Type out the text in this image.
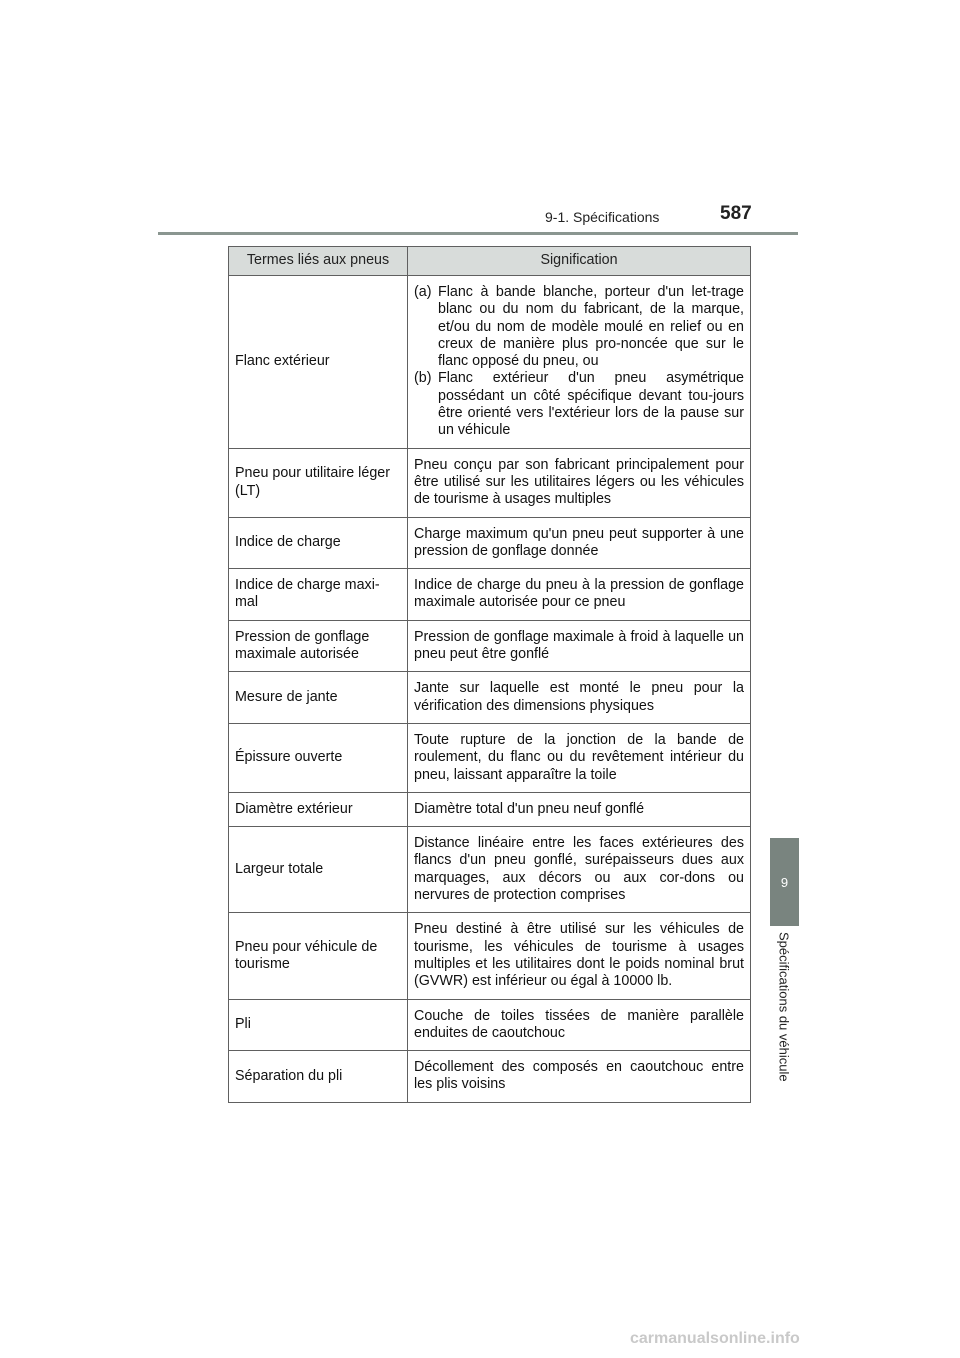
9-1. Spécifications	587
9
Spécifications du véhicule
Termes liés aux pneus	Signification
Flanc extérieur	(a) Flanc à bande blanche, porteur d'un let-trage blanc ou du nom du fabricant, de la marque, et/ou du nom de modèle moulé en relief ou en creux de manière plus pro-noncée que sur le flanc opposé du pneu, ou
(b) Flanc extérieur d'un pneu asymétrique possédant un côté spécifique devant tou-jours être orienté vers l'extérieur lors de la pause sur un véhicule

Pneu pour utilitaire léger (LT)	Pneu conçu par son fabricant principalement pour être utilisé sur les utilitaires légers ou les véhicules de tourisme à usages multiples
Indice de charge	Charge maximum qu'un pneu peut supporter à une pression de gonflage donnée
Indice de charge maxi-mal	Indice de charge du pneu à la pression de gonflage maximale autorisée pour ce pneu
Pression de gonflage maximale autorisée	Pression de gonflage maximale à froid à laquelle un pneu peut être gonflé
Mesure de jante	Jante sur laquelle est monté le pneu pour la vérification des dimensions physiques
Épissure ouverte	Toute rupture de la jonction de la bande de roulement, du flanc ou du revêtement intérieur du pneu, laissant apparaître la toile
Diamètre extérieur	Diamètre total d'un pneu neuf gonflé
Largeur totale	Distance linéaire entre les faces extérieures des flancs d'un pneu gonflé, surépaisseurs dues aux marquages, aux décors ou aux cor-dons ou nervures de protection comprises
Pneu pour véhicule de tourisme	Pneu destiné à être utilisé sur les véhicules de tourisme, les véhicules de tourisme à usages multiples et les utilitaires dont le poids nominal brut (GVWR) est inférieur ou égal à 10000 lb.
Pli	Couche de toiles tissées de manière parallèle enduites de caoutchouc
Séparation du pli	Décollement des composés en caoutchouc entre les plis voisins
carmanualsonline.info
